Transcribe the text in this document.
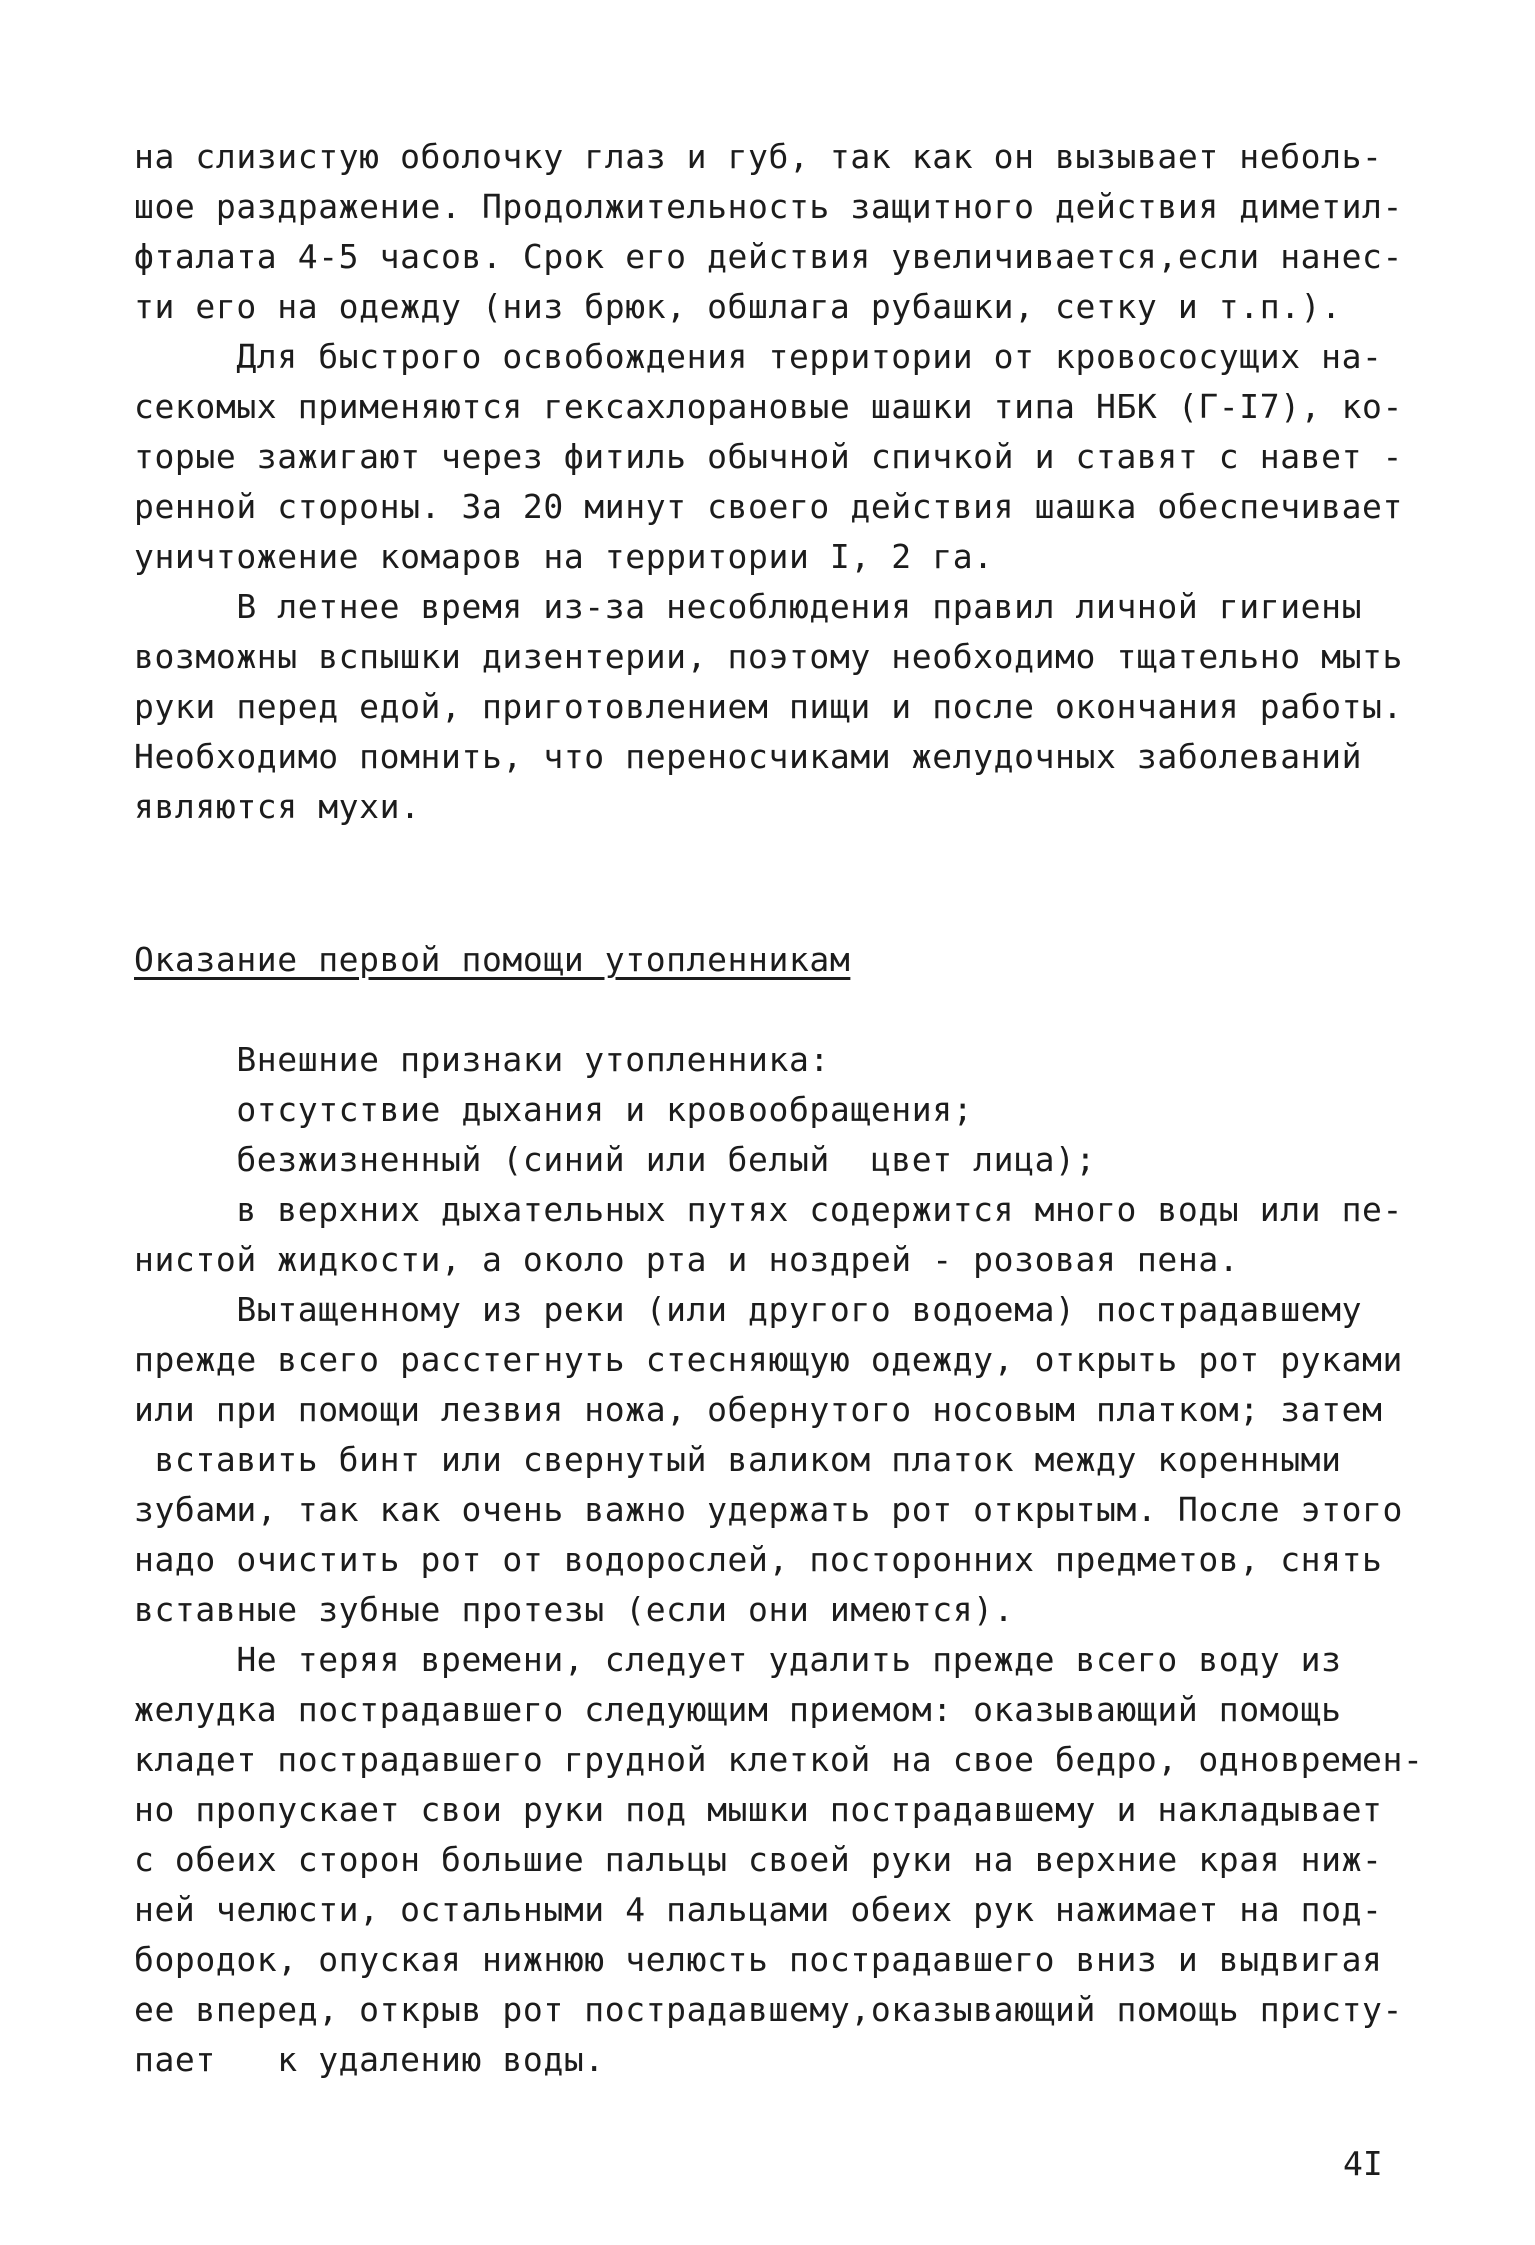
на слизистую оболочку глаз и губ, так как он вызывает неболь-

шое раздражение. Продолжительность защитного действия диметил-

фталата 4-5 часов. Срок его действия увеличивается,если нанес-

ти его на одежду (низ брюк, обшлага рубашки, сетку и т.п.).

Для быстрого освобождения территории от кровососущих на-

секомых применяются гексахлорановые шашки типа НБК (Г-I7), ко-

торые зажигают через фитиль обычной спичкой и ставят с навет -

ренной стороны. За 20 минут своего действия шашка обеспечивает

уничтожение комаров на территории I, 2 га.

В летнее время из-за несоблюдения правил личной гигиены

возможны вспышки дизентерии, поэтому необходимо тщательно мыть

руки перед едой, приготовлением пищи и после окончания работы.

Необходимо помнить, что переносчиками желудочных заболеваний

являются мухи.

Оказание первой помощи утопленникам

Внешние признаки утопленника:

отсутствие дыхания и кровообращения;

безжизненный (синий или белый  цвет лица);

в верхних дыхательных путях содержится много воды или пе-

нистой жидкости, а около рта и ноздрей - розовая пена.

Вытащенному из реки (или другого водоема) пострадавшему

прежде всего расстегнуть стесняющую одежду, открыть рот руками

или при помощи лезвия ножа, обернутого носовым платком; затем

вставить бинт или свернутый валиком платок между коренными

зубами, так как очень важно удержать рот открытым. После этого

надо очистить рот от водорослей, посторонних предметов, снять

вставные зубные протезы (если они имеются).

Не теряя времени, следует удалить прежде всего воду из

желудка пострадавшего следующим приемом: оказывающий помощь

кладет пострадавшего грудной клеткой на свое бедро, одновремен-

но пропускает свои руки под мышки пострадавшему и накладывает

с обеих сторон большие пальцы своей руки на верхние края ниж-

ней челюсти, остальными 4 пальцами обеих рук нажимает на под-

бородок, опуская нижнюю челюсть пострадавшего вниз и выдвигая

ее вперед, открыв рот пострадавшему,оказывающий помощь присту-

пает   к удалению воды.

4I
